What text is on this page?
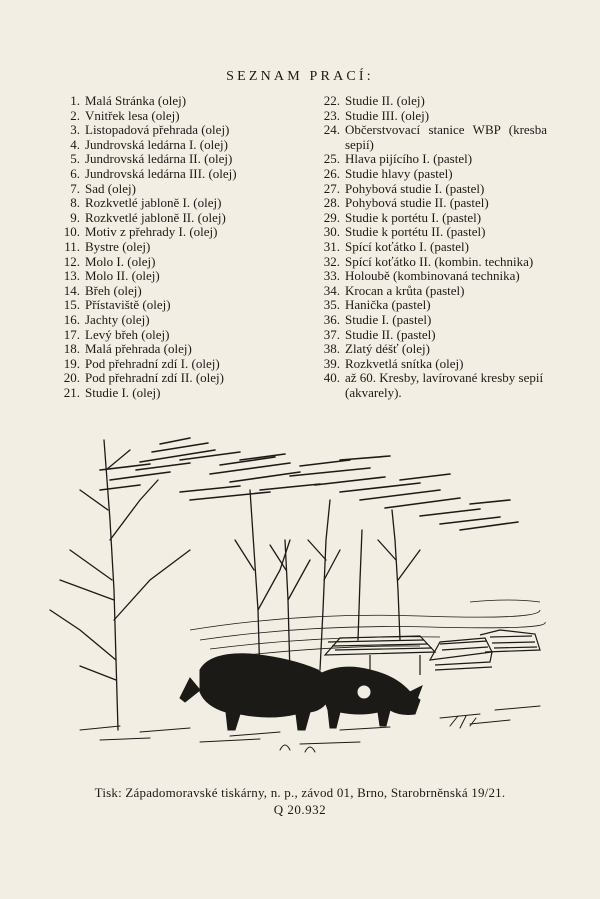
SEZNAM PRACÍ:
1. Malá Stránka (olej)
2. Vnitřek lesa (olej)
3. Listopadová přehrada (olej)
4. Jundrovská ledárna I. (olej)
5. Jundrovská ledárna II. (olej)
6. Jundrovská ledárna III. (olej)
7. Sad (olej)
8. Rozkvetlé jabloně I. (olej)
9. Rozkvetlé jabloně II. (olej)
10. Motiv z přehrady I. (olej)
11. Bystre (olej)
12. Molo I. (olej)
13. Molo II. (olej)
14. Břeh (olej)
15. Přístaviště (olej)
16. Jachty (olej)
17. Levý břeh (olej)
18. Malá přehrada (olej)
19. Pod přehradní zdí I. (olej)
20. Pod přehradní zdí II. (olej)
21. Studie I. (olej)
22. Studie II. (olej)
23. Studie III. (olej)
24. Občerstvovací stanice WBP (kresba sepií)
25. Hlava pijícího I. (pastel)
26. Studie hlavy (pastel)
27. Pohybová studie I. (pastel)
28. Pohybová studie II. (pastel)
29. Studie k portétu I. (pastel)
30. Studie k portétu II. (pastel)
31. Spící koťátko I. (pastel)
32. Spící koťátko II. (kombin. technika)
33. Holoubě (kombinovaná technika)
34. Krocan a krůta (pastel)
35. Hanička (pastel)
36. Studie I. (pastel)
37. Studie II. (pastel)
38. Zlatý déšť (olej)
39. Rozkvetlá snítka (olej)
40. až 60. Kresby, lavírované kresby sepií (akvarely).
Tisk: Západomoravské tiskárny, n. p., závod 01, Brno, Starobrněnská 19/21.
Q 20.932
